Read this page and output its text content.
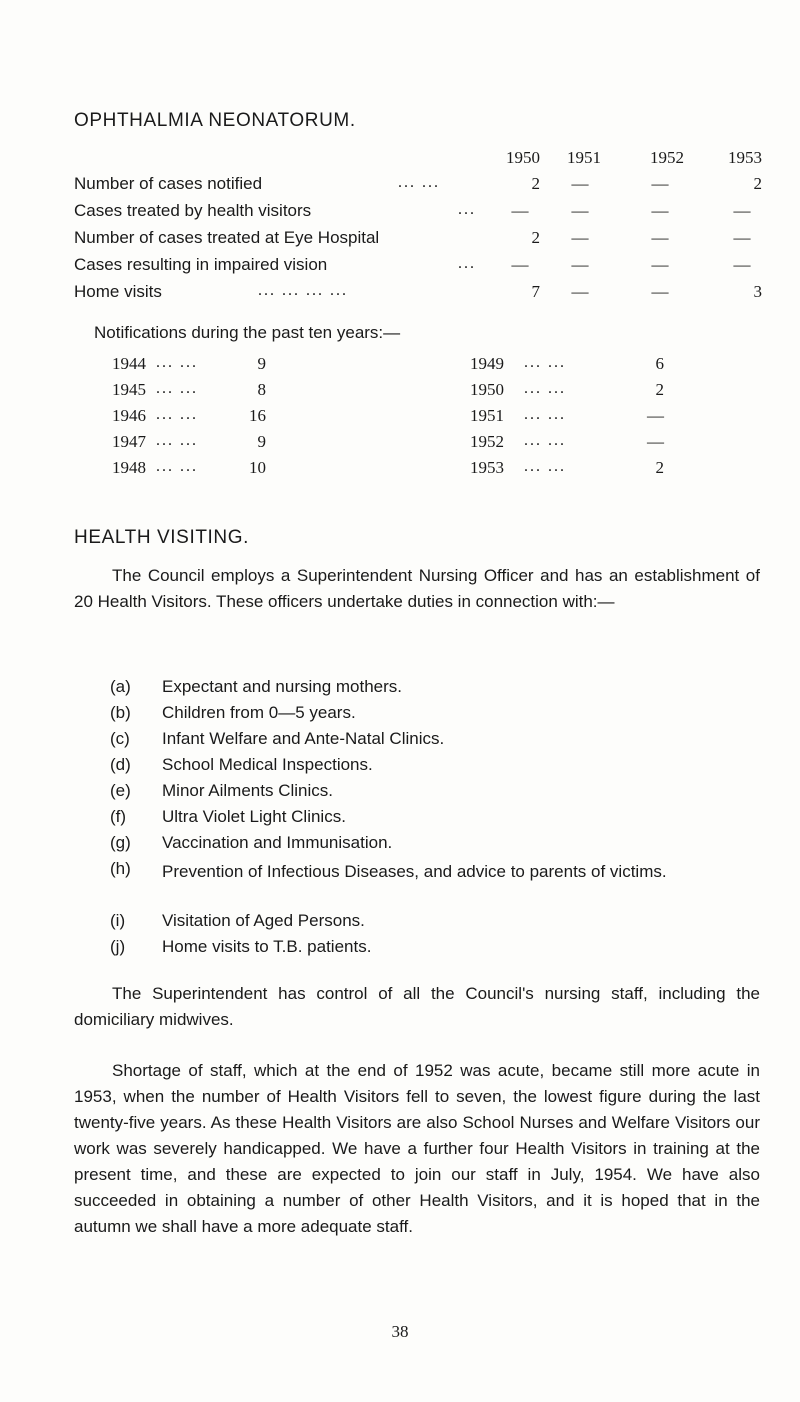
OPHTHALMIA NEONATORUM.
1950	1951	1952	1953
Number of cases notified	... ...	2	—	—	2
Cases treated by health visitors	...	—	—	—	—
Number of cases treated at Eye Hospital	2	—	—	—
Cases resulting in impaired vision	...	—	—	—	—
Home visits	... ... ... ...	7	—	—	3
Notifications during the past ten years:—
1944 ... ...	9
1945 ... ...	8
1946 ... ...	16
1947 ... ...	9
1948 ... ...	10
1949 ... ...	6
1950 ... ...	2
1951 ... ...	—
1952 ... ...	—
1953 ... ...	2
HEALTH VISITING.
The Council employs a Superintendent Nursing Officer and has an establishment of 20 Health Visitors. These officers undertake duties in connection with:—
(a)	Expectant and nursing mothers.
(b)	Children from 0—5 years.
(c)	Infant Welfare and Ante-Natal Clinics.
(d)	School Medical Inspections.
(e)	Minor Ailments Clinics.
(f)	Ultra Violet Light Clinics.
(g)	Vaccination and Immunisation.
(h)	Prevention of Infectious Diseases, and advice to parents of victims.
(i)	Visitation of Aged Persons.
(j)	Home visits to T.B. patients.
The Superintendent has control of all the Council's nursing staff, including the domiciliary midwives.
Shortage of staff, which at the end of 1952 was acute, became still more acute in 1953, when the number of Health Visitors fell to seven, the lowest figure during the last twenty-five years. As these Health Visitors are also School Nurses and Welfare Visitors our work was severely handicapped. We have a further four Health Visitors in training at the present time, and these are expected to join our staff in July, 1954. We have also succeeded in obtaining a number of other Health Visitors, and it is hoped that in the autumn we shall have a more adequate staff.
38
